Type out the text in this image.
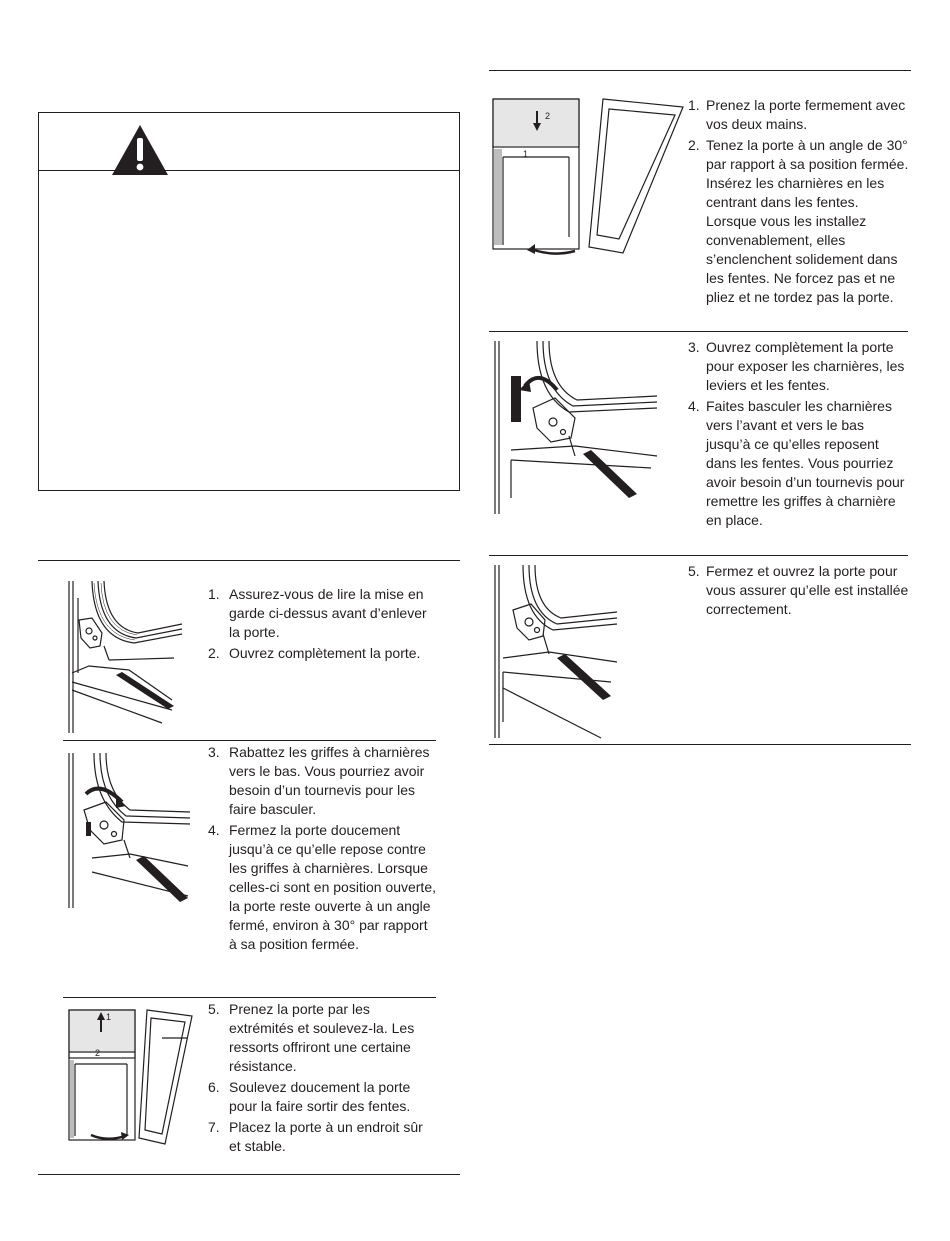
1
2
2
1
1. Assurez-vous de lire la mise en garde ci-dessus avant d’enlever la porte.
2. Ouvrez complètement la porte.
3. Rabattez les griffes à charnières vers le bas. Vous pourriez avoir besoin d’un tournevis pour les faire basculer.
4. Fermez la porte doucement jusqu’à ce qu’elle repose contre les griffes à charnières. Lorsque celles-ci sont en position ouverte, la porte reste ouverte à un angle fermé, environ à 30° par rapport à sa position fermée.
5. Prenez la porte par les extrémités et soulevez-la. Les ressorts offriront une certaine résistance.
6. Soulevez doucement la porte pour la faire sortir des fentes.
7. Placez la porte à un endroit sûr et stable.
1. Prenez la porte fermement avec vos deux mains.
2. Tenez la porte à un angle de 30° par rapport à sa position fermée. Insérez les charnières en les centrant dans les fentes. Lorsque vous les installez convenablement, elles s’enclenchent solidement dans les fentes. Ne forcez pas et ne pliez et ne tordez pas la porte.
3. Ouvrez complètement la porte pour exposer les charnières, les leviers et les fentes.
4. Faites basculer les charnières vers l’avant et vers le bas jusqu’à ce qu’elles reposent dans les fentes. Vous pourriez avoir besoin d’un tournevis pour remettre les griffes à charnière en place.
5. Fermez et ouvrez la porte pour vous assurer qu’elle est installée correctement.
